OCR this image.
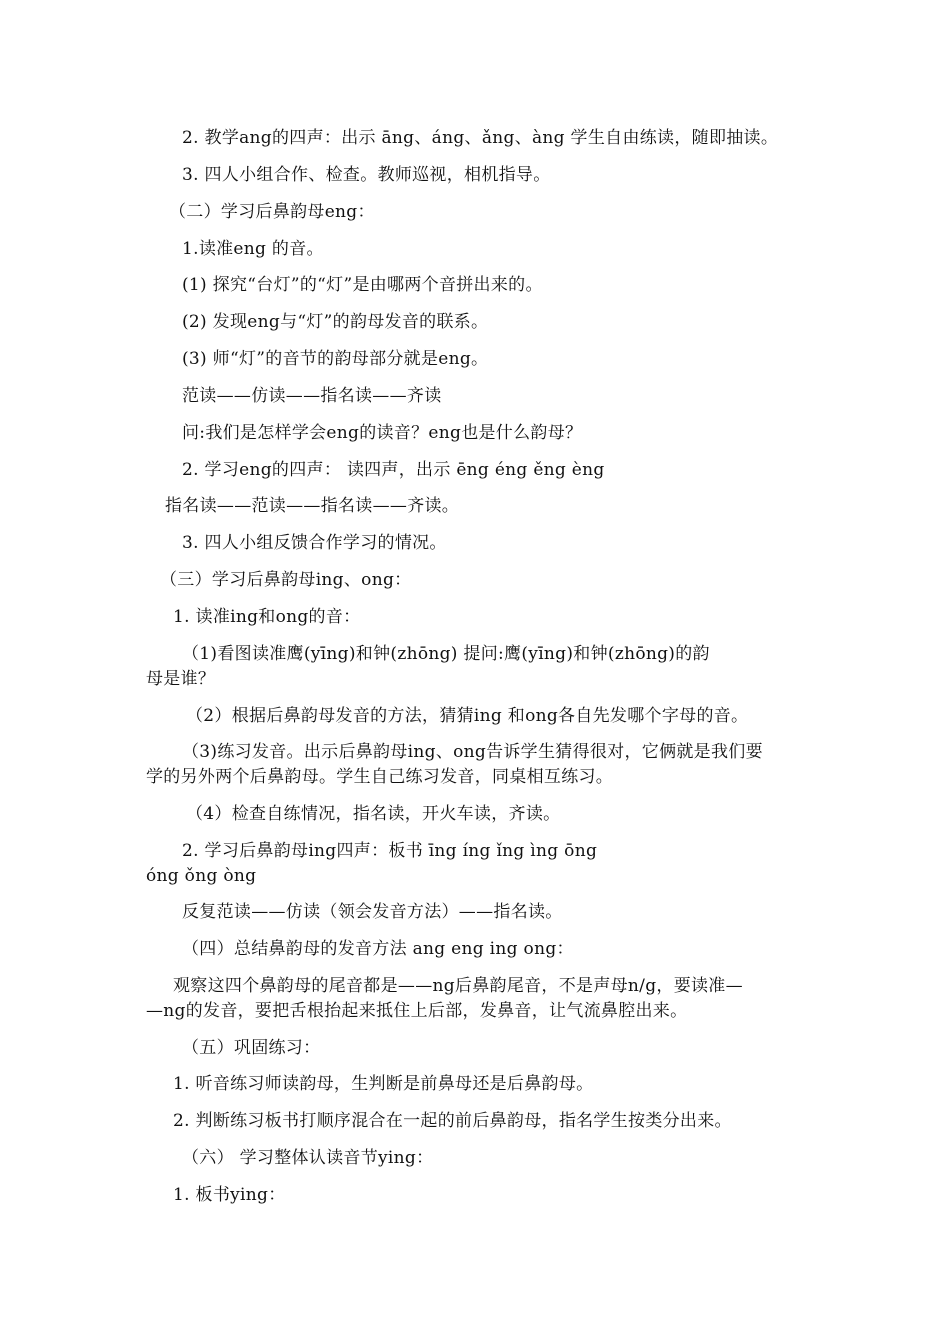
2. 教学ang的四声：出示 āng、áng、ǎng、àng 学生自由练读，随即抽读。
3. 四人小组合作、检查。教师巡视，相机指导。
（二）学习后鼻韵母eng：
1.读准eng 的音。
(1) 探究“台灯”的“灯”是由哪两个音拼出来的。
(2) 发现eng与“灯”的韵母发音的联系。
(3) 师“灯”的音节的韵母部分就是eng。
范读——仿读——指名读——齐读
问:我们是怎样学会eng的读音？eng也是什么韵母？
2. 学习eng的四声： 读四声，出示 ēng éng ěng èng
指名读——范读——指名读——齐读。
3. 四人小组反馈合作学习的情况。
（三）学习后鼻韵母ing、ong：
1. 读准ing和ong的音：
（1)看图读准鹰(yīng)和钟(zhōng) 提问:鹰(yīng)和钟(zhōng)的韵
母是谁？
（2）根据后鼻韵母发音的方法，猜猜ing 和ong各自先发哪个字母的音。
（3)练习发音。出示后鼻韵母ing、ong告诉学生猜得很对，它俩就是我们要
学的另外两个后鼻韵母。学生自己练习发音，同桌相互练习。
（4）检查自练情况，指名读，开火车读，齐读。
2. 学习后鼻韵母ing四声：板书 īng íng ǐng ìng ōng
óng ǒng òng
反复范读——仿读（领会发音方法）——指名读。
（四）总结鼻韵母的发音方法 ang eng ing ong：
观察这四个鼻韵母的尾音都是——ng后鼻韵尾音，不是声母n/g，要读准—
—ng的发音，要把舌根抬起来抵住上后部，发鼻音，让气流鼻腔出来。
（五）巩固练习：
1. 听音练习师读韵母，生判断是前鼻母还是后鼻韵母。
2. 判断练习板书打顺序混合在一起的前后鼻韵母，指名学生按类分出来。
（六） 学习整体认读音节ying：
1. 板书ying：
